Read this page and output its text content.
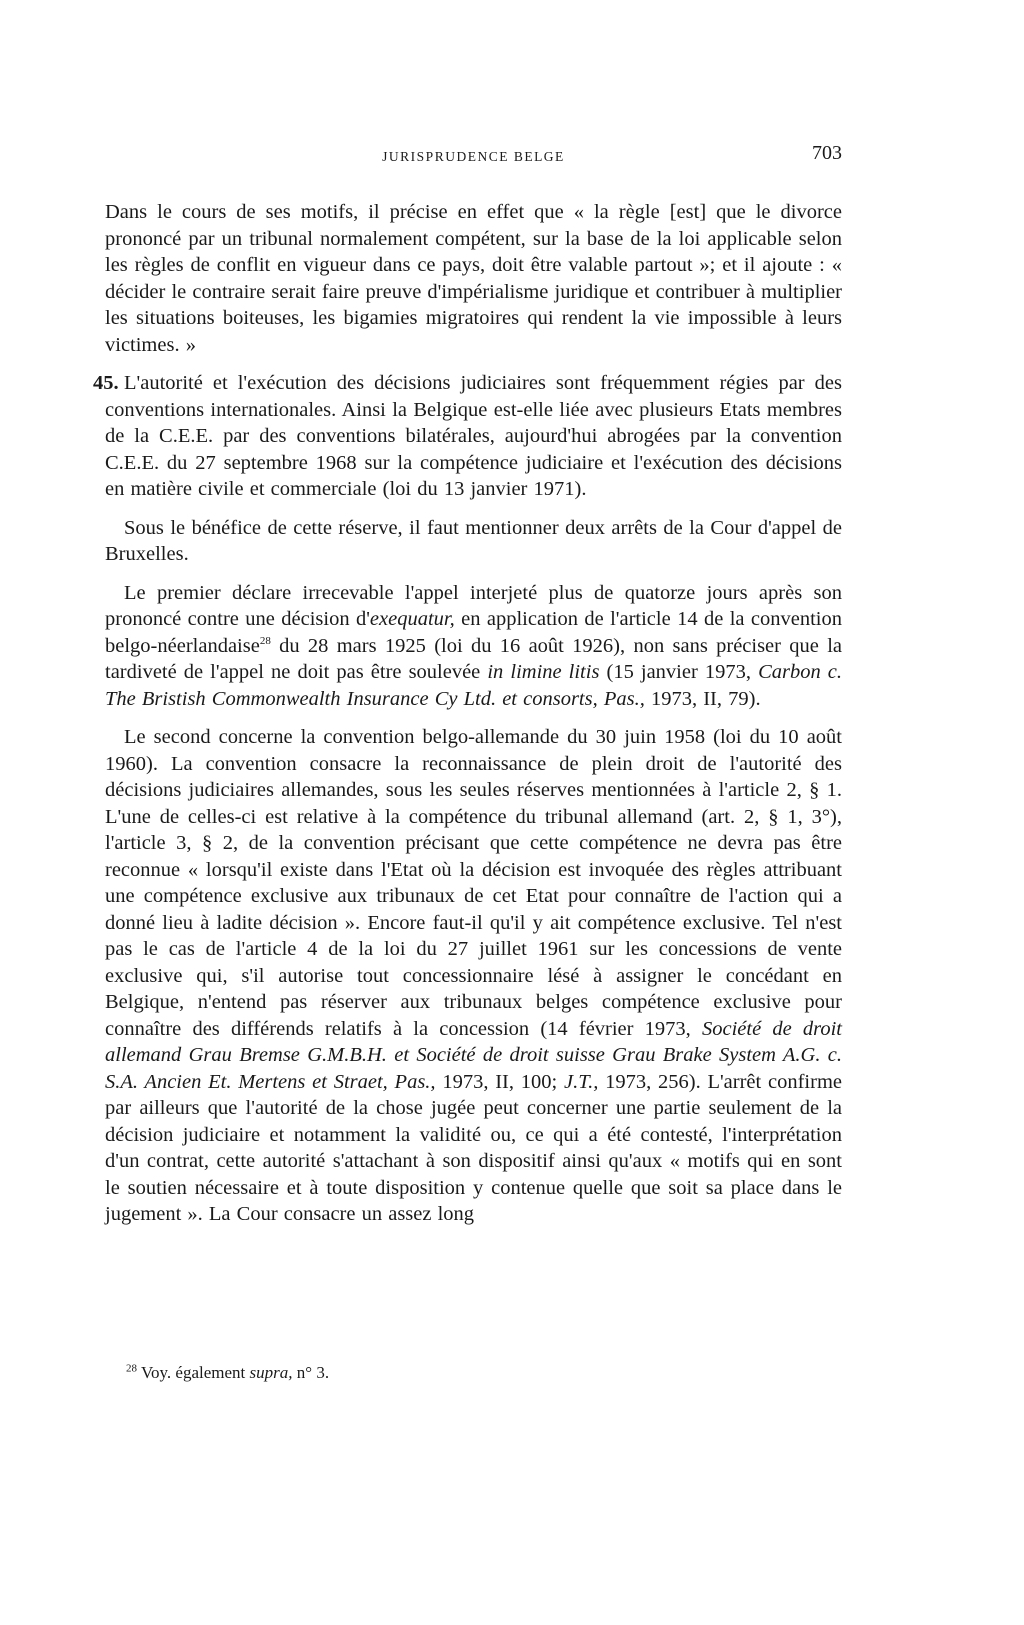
JURISPRUDENCE BELGE	703

Dans le cours de ses motifs, il précise en effet que « la règle [est] que le divorce prononcé par un tribunal normalement compétent, sur la base de la loi applicable selon les règles de conflit en vigueur dans ce pays, doit être valable partout »; et il ajoute : « décider le contraire serait faire preuve d'impérialisme juridique et contribuer à multiplier les situations boiteuses, les bigamies migratoires qui rendent la vie impossible à leurs victimes. »

45. L'autorité et l'exécution des décisions judiciaires sont fréquemment régies par des conventions internationales. Ainsi la Belgique est-elle liée avec plusieurs Etats membres de la C.E.E. par des conventions bilatérales, aujourd'hui abrogées par la convention C.E.E. du 27 septembre 1968 sur la compétence judiciaire et l'exécution des décisions en matière civile et commerciale (loi du 13 janvier 1971).

Sous le bénéfice de cette réserve, il faut mentionner deux arrêts de la Cour d'appel de Bruxelles.

Le premier déclare irrecevable l'appel interjeté plus de quatorze jours après son prononcé contre une décision d'exequatur, en application de l'article 14 de la convention belgo-néerlandaise$^{28}$ du 28 mars 1925 (loi du 16 août 1926), non sans préciser que la tardiveté de l'appel ne doit pas être soulevée in limine litis (15 janvier 1973, Carbon c. The Bristish Commonwealth Insurance Cy Ltd. et consorts, Pas., 1973, II, 79).

Le second concerne la convention belgo-allemande du 30 juin 1958 (loi du 10 août 1960). La convention consacre la reconnaissance de plein droit de l'autorité des décisions judiciaires allemandes, sous les seules réserves mentionnées à l'article 2, § 1. L'une de celles-ci est relative à la compétence du tribunal allemand (art. 2, § 1, 3°), l'article 3, § 2, de la convention précisant que cette compétence ne devra pas être reconnue « lorsqu'il existe dans l'Etat où la décision est invoquée des règles attribuant une compétence exclusive aux tribunaux de cet Etat pour connaître de l'action qui a donné lieu à ladite décision ». Encore faut-il qu'il y ait compétence exclusive. Tel n'est pas le cas de l'article 4 de la loi du 27 juillet 1961 sur les concessions de vente exclusive qui, s'il autorise tout concessionnaire lésé à assigner le concédant en Belgique, n'entend pas réserver aux tribunaux belges compétence exclusive pour connaître des différends relatifs à la concession (14 février 1973, Société de droit allemand Grau Bremse G.M.B.H. et Société de droit suisse Grau Brake System A.G. c. S.A. Ancien Et. Mertens et Straet, Pas., 1973, II, 100; J.T., 1973, 256). L'arrêt confirme par ailleurs que l'autorité de la chose jugée peut concerner une partie seulement de la décision judiciaire et notamment la validité ou, ce qui a été contesté, l'interprétation d'un contrat, cette autorité s'attachant à son dispositif ainsi qu'aux « motifs qui en sont le soutien nécessaire et à toute disposition y contenue quelle que soit sa place dans le jugement ». La Cour consacre un assez long

$^{28}$ Voy. également supra, n° 3.
